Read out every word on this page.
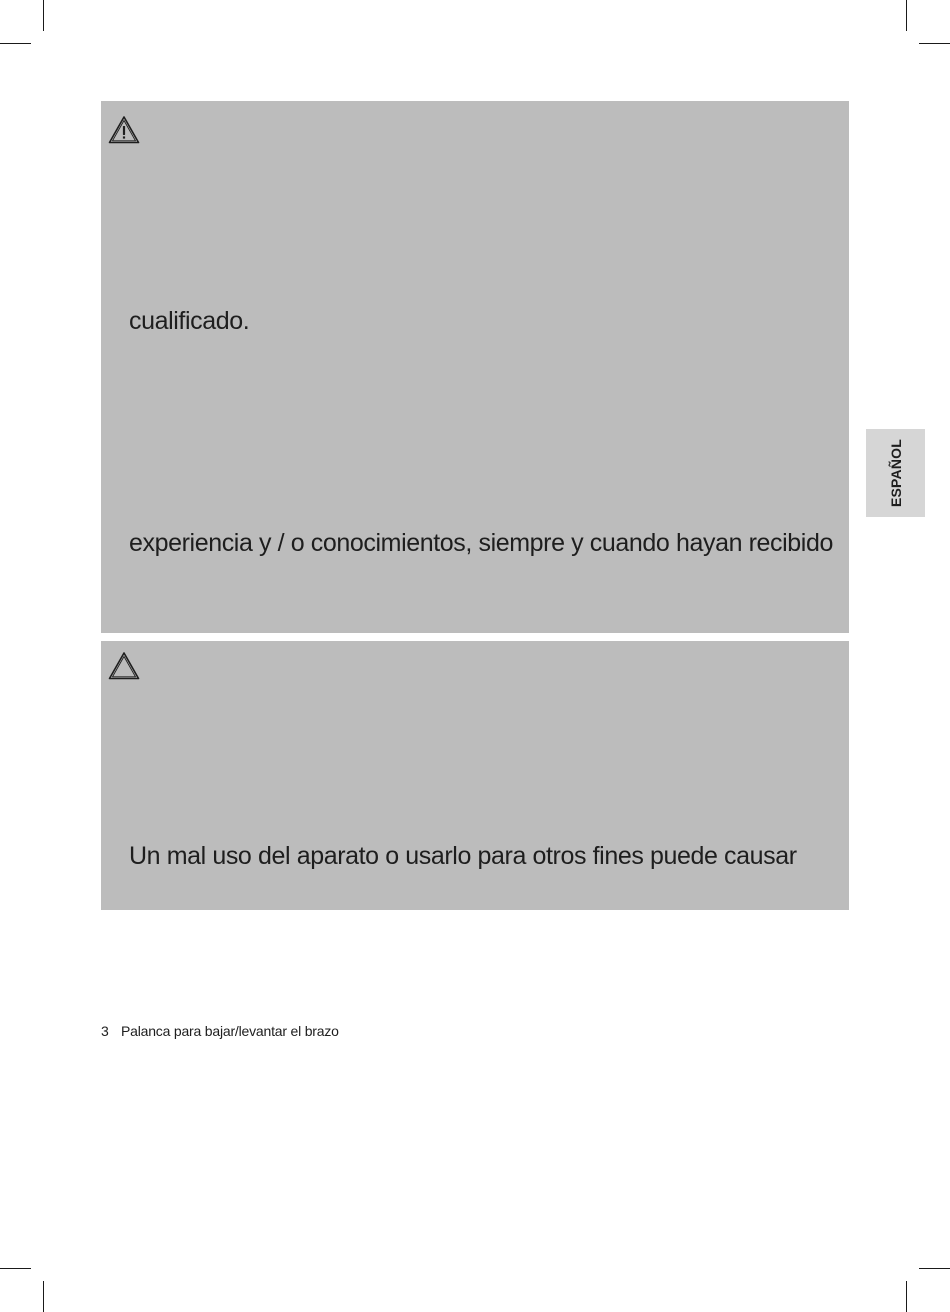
cualificado.

experiencia y / o conocimientos, siempre y cuando hayan recibido

Un mal uso del aparato o usarlo para otros fines puede causar

ESPAÑOL
3 Palanca para bajar/levantar el brazo
